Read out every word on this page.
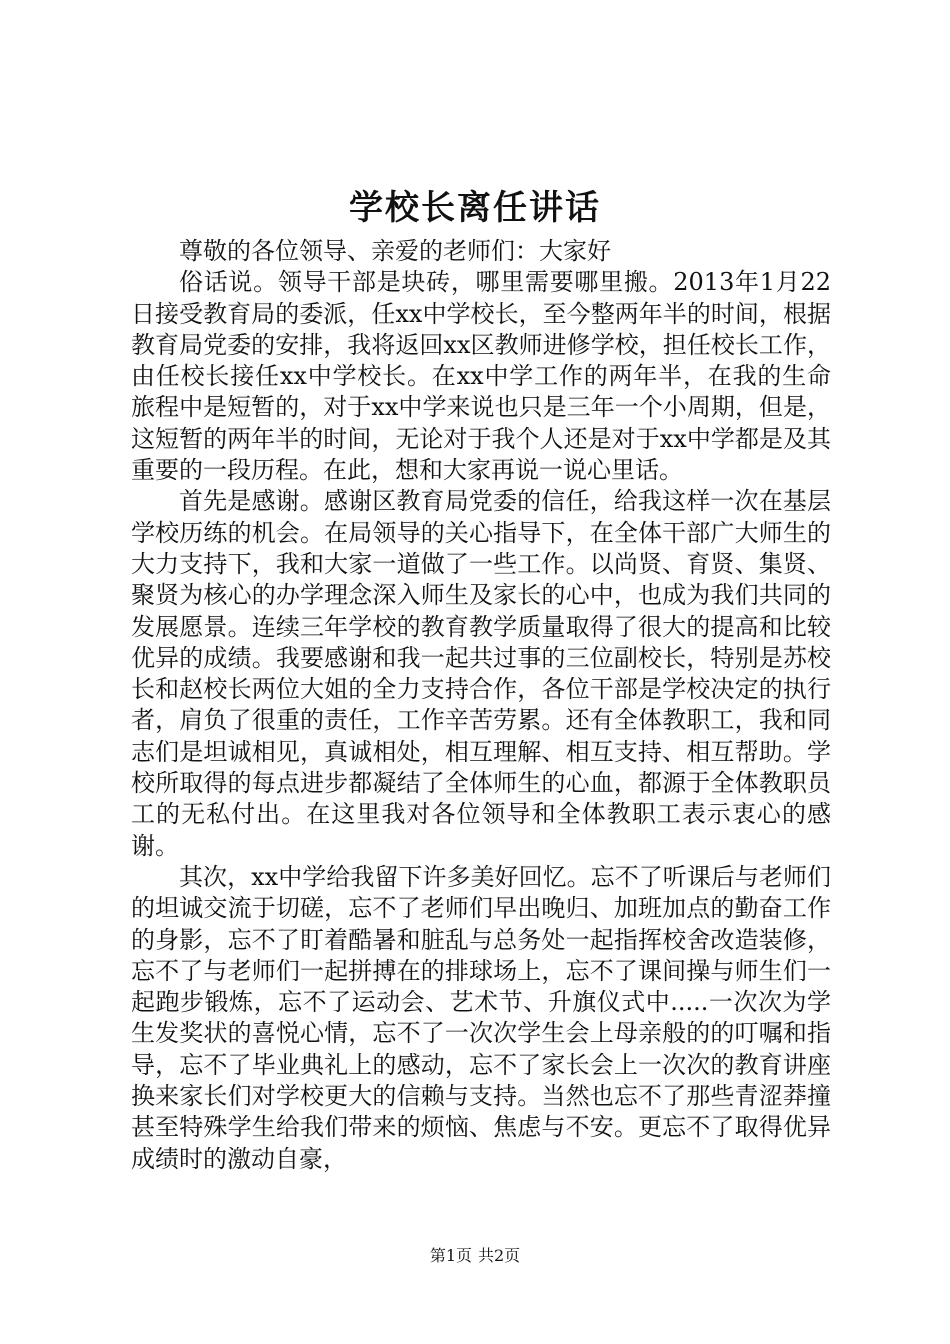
学校长离任讲话

尊敬的各位领导、亲爱的老师们：大家好

俗话说。领导干部是块砖，哪里需要哪里搬。2013年1月22日接受教育局的委派，任xx中学校长，至今整两年半的时间，根据教育局党委的安排，我将返回xx区教师进修学校，担任校长工作，由任校长接任xx中学校长。在xx中学工作的两年半，在我的生命旅程中是短暂的，对于xx中学来说也只是三年一个小周期，但是，这短暂的两年半的时间，无论对于我个人还是对于xx中学都是及其重要的一段历程。在此，想和大家再说一说心里话。

首先是感谢。感谢区教育局党委的信任，给我这样一次在基层学校历练的机会。在局领导的关心指导下，在全体干部广大师生的大力支持下，我和大家一道做了一些工作。以尚贤、育贤、集贤、聚贤为核心的办学理念深入师生及家长的心中，也成为我们共同的发展愿景。连续三年学校的教育教学质量取得了很大的提高和比较优异的成绩。我要感谢和我一起共过事的三位副校长，特别是苏校长和赵校长两位大姐的全力支持合作，各位干部是学校决定的执行者，肩负了很重的责任，工作辛苦劳累。还有全体教职工，我和同志们是坦诚相见，真诚相处，相互理解、相互支持、相互帮助。学校所取得的每点进步都凝结了全体师生的心血，都源于全体教职员工的无私付出。在这里我对各位领导和全体教职工表示衷心的感谢。

其次，xx中学给我留下许多美好回忆。忘不了听课后与老师们的坦诚交流于切磋，忘不了老师们早出晚归、加班加点的勤奋工作的身影，忘不了盯着酷暑和脏乱与总务处一起指挥校舍改造装修，忘不了与老师们一起拼搏在的排球场上，忘不了课间操与师生们一起跑步锻炼，忘不了运动会、艺术节、升旗仪式中.....一次次为学生发奖状的喜悦心情，忘不了一次次学生会上母亲般的的叮嘱和指导，忘不了毕业典礼上的感动，忘不了家长会上一次次的教育讲座换来家长们对学校更大的信赖与支持。当然也忘不了那些青涩莽撞甚至特殊学生给我们带来的烦恼、焦虑与不安。更忘不了取得优异成绩时的激动自豪，

第1页 共2页
